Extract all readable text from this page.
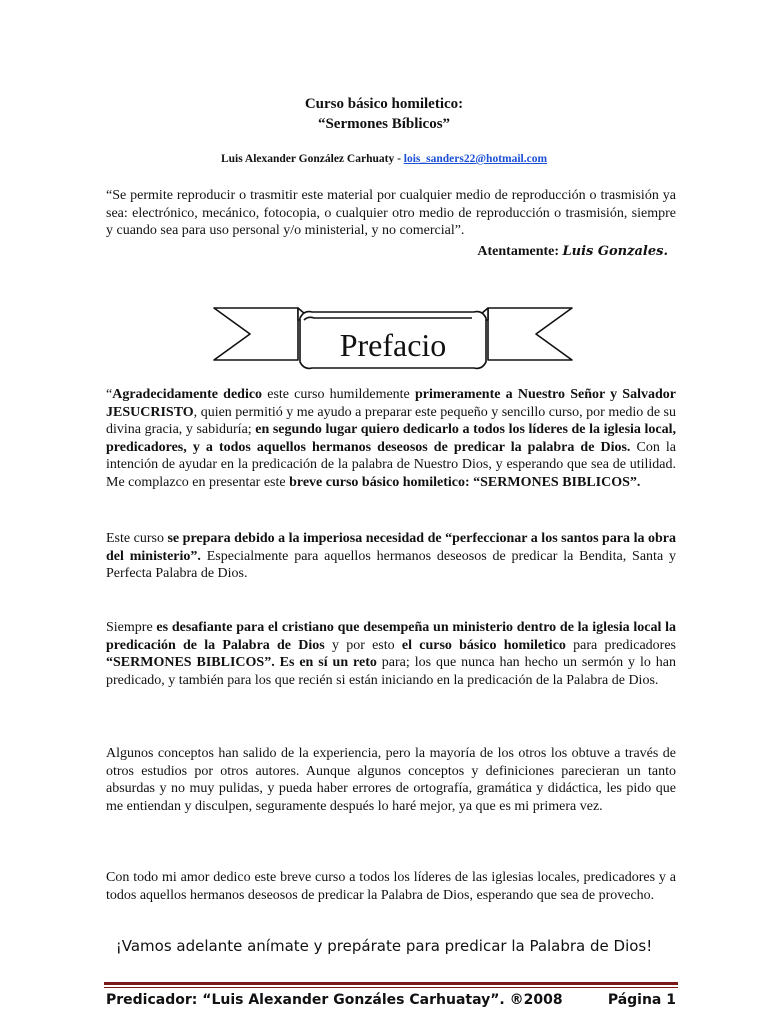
Curso básico homiletico:
“Sermones Bíblicos”
Luis Alexander González Carhuaty - lois_sanders22@hotmail.com
“Se permite reproducir o trasmitir este material por cualquier medio de reproducción o trasmisión ya sea: electrónico, mecánico, fotocopia, o cualquier otro medio de reproducción o trasmisión, siempre y cuando sea para uso personal y/o ministerial, y no comercial”.
Atentamente: Luis Gonzales.
Prefacio
“Agradecidamente dedico este curso humildemente primeramente a Nuestro Señor y Salvador JESUCRISTO, quien permitió y me ayudo a preparar este pequeño y sencillo curso, por medio de su divina gracia, y sabiduría; en segundo lugar quiero dedicarlo a todos los líderes de la iglesia local, predicadores, y a todos aquellos hermanos deseosos de predicar la palabra de Dios. Con la intención de ayudar en la predicación de la palabra de Nuestro Dios, y esperando que sea de utilidad. Me complazco en presentar este breve curso básico homiletico: “SERMONES BIBLICOS”.
Este curso se prepara debido a la imperiosa necesidad de “perfeccionar a los santos para la obra del ministerio”. Especialmente para aquellos hermanos deseosos de predicar la Bendita, Santa y Perfecta Palabra de Dios.
Siempre es desafiante para el cristiano que desempeña un ministerio dentro de la iglesia local la predicación de la Palabra de Dios y por esto el curso básico homiletico para predicadores “SERMONES BIBLICOS”. Es en sí un reto para; los que nunca han hecho un sermón y lo han predicado, y también para los que recién si están iniciando en la predicación de la Palabra de Dios.
Algunos conceptos han salido de la experiencia, pero la mayoría de los otros los obtuve a través de otros estudios por otros autores. Aunque algunos conceptos y definiciones parecieran un tanto absurdas y no muy pulidas, y pueda haber errores de ortografía, gramática y didáctica, les pido que me entiendan y disculpen, seguramente después lo haré mejor, ya que es mi primera vez.
Con todo mi amor dedico este breve curso a todos los líderes de las iglesias locales, predicadores y a todos aquellos hermanos deseosos de predicar la Palabra de Dios, esperando que sea de provecho.
¡Vamos adelante anímate y prepárate para predicar la Palabra de Dios!
Predicador: “Luis Alexander Gonzáles Carhuatay”. ®2008	Página 1
